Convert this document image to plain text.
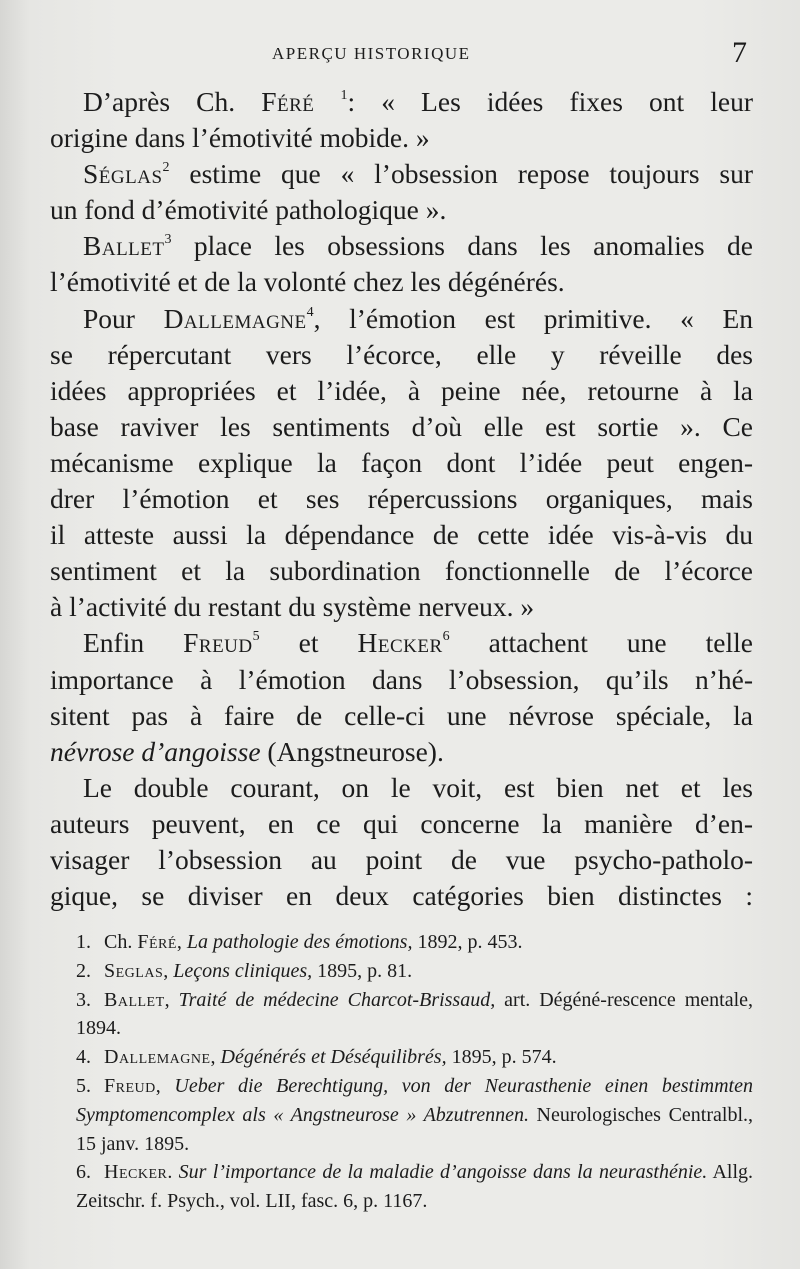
APERÇU HISTORIQUE	7
D’après Ch. Féré $^1$: « Les idées fixes ont leur
origine dans l’émotivité mobide. »
Séglas$^2$ estime que « l’obsession repose toujours sur
un fond d’émotivité pathologique ».
Ballet$^3$ place les obsessions dans les anomalies de
l’émotivité et de la volonté chez les dégénérés.
Pour Dallemagne$^4$, l’émotion est primitive. « En
se répercutant vers l’écorce, elle y réveille des
idées appropriées et l’idée, à peine née, retourne à la
base raviver les sentiments d’où elle est sortie ». Ce
mécanisme explique la façon dont l’idée peut engen-
drer l’émotion et ses répercussions organiques, mais
il atteste aussi la dépendance de cette idée vis-à-vis du
sentiment et la subordination fonctionnelle de l’écorce
à l’activité du restant du système nerveux. »
Enfin Freud$^5$ et Hecker$^6$ attachent une telle
importance à l’émotion dans l’obsession, qu’ils n’hé-
sitent pas à faire de celle-ci une névrose spéciale, la
névrose d’angoisse (Angstneurose).
Le double courant, on le voit, est bien net et les
auteurs peuvent, en ce qui concerne la manière d’en-
visager l’obsession au point de vue psycho-patholo-
gique, se diviser en deux catégories bien distinctes :
1. Ch. Féré, La pathologie des émotions, 1892, p. 453.
2. Seglas, Leçons cliniques, 1895, p. 81.
3. Ballet, Traité de médecine Charcot-Brissaud, art. Dégéné-rescence mentale, 1894.
4. Dallemagne, Dégénérés et Déséquilibrés, 1895, p. 574.
5. Freud, Ueber die Berechtigung, von der Neurasthenie einen bestimmten Symptomencomplex als « Angstneurose » Abzutrennen. Neurologisches Centralbl., 15 janv. 1895.
6. Hecker. Sur l’importance de la maladie d’angoisse dans la neurasthénie. Allg. Zeitschr. f. Psych., vol. LII, fasc. 6, p. 1167.
